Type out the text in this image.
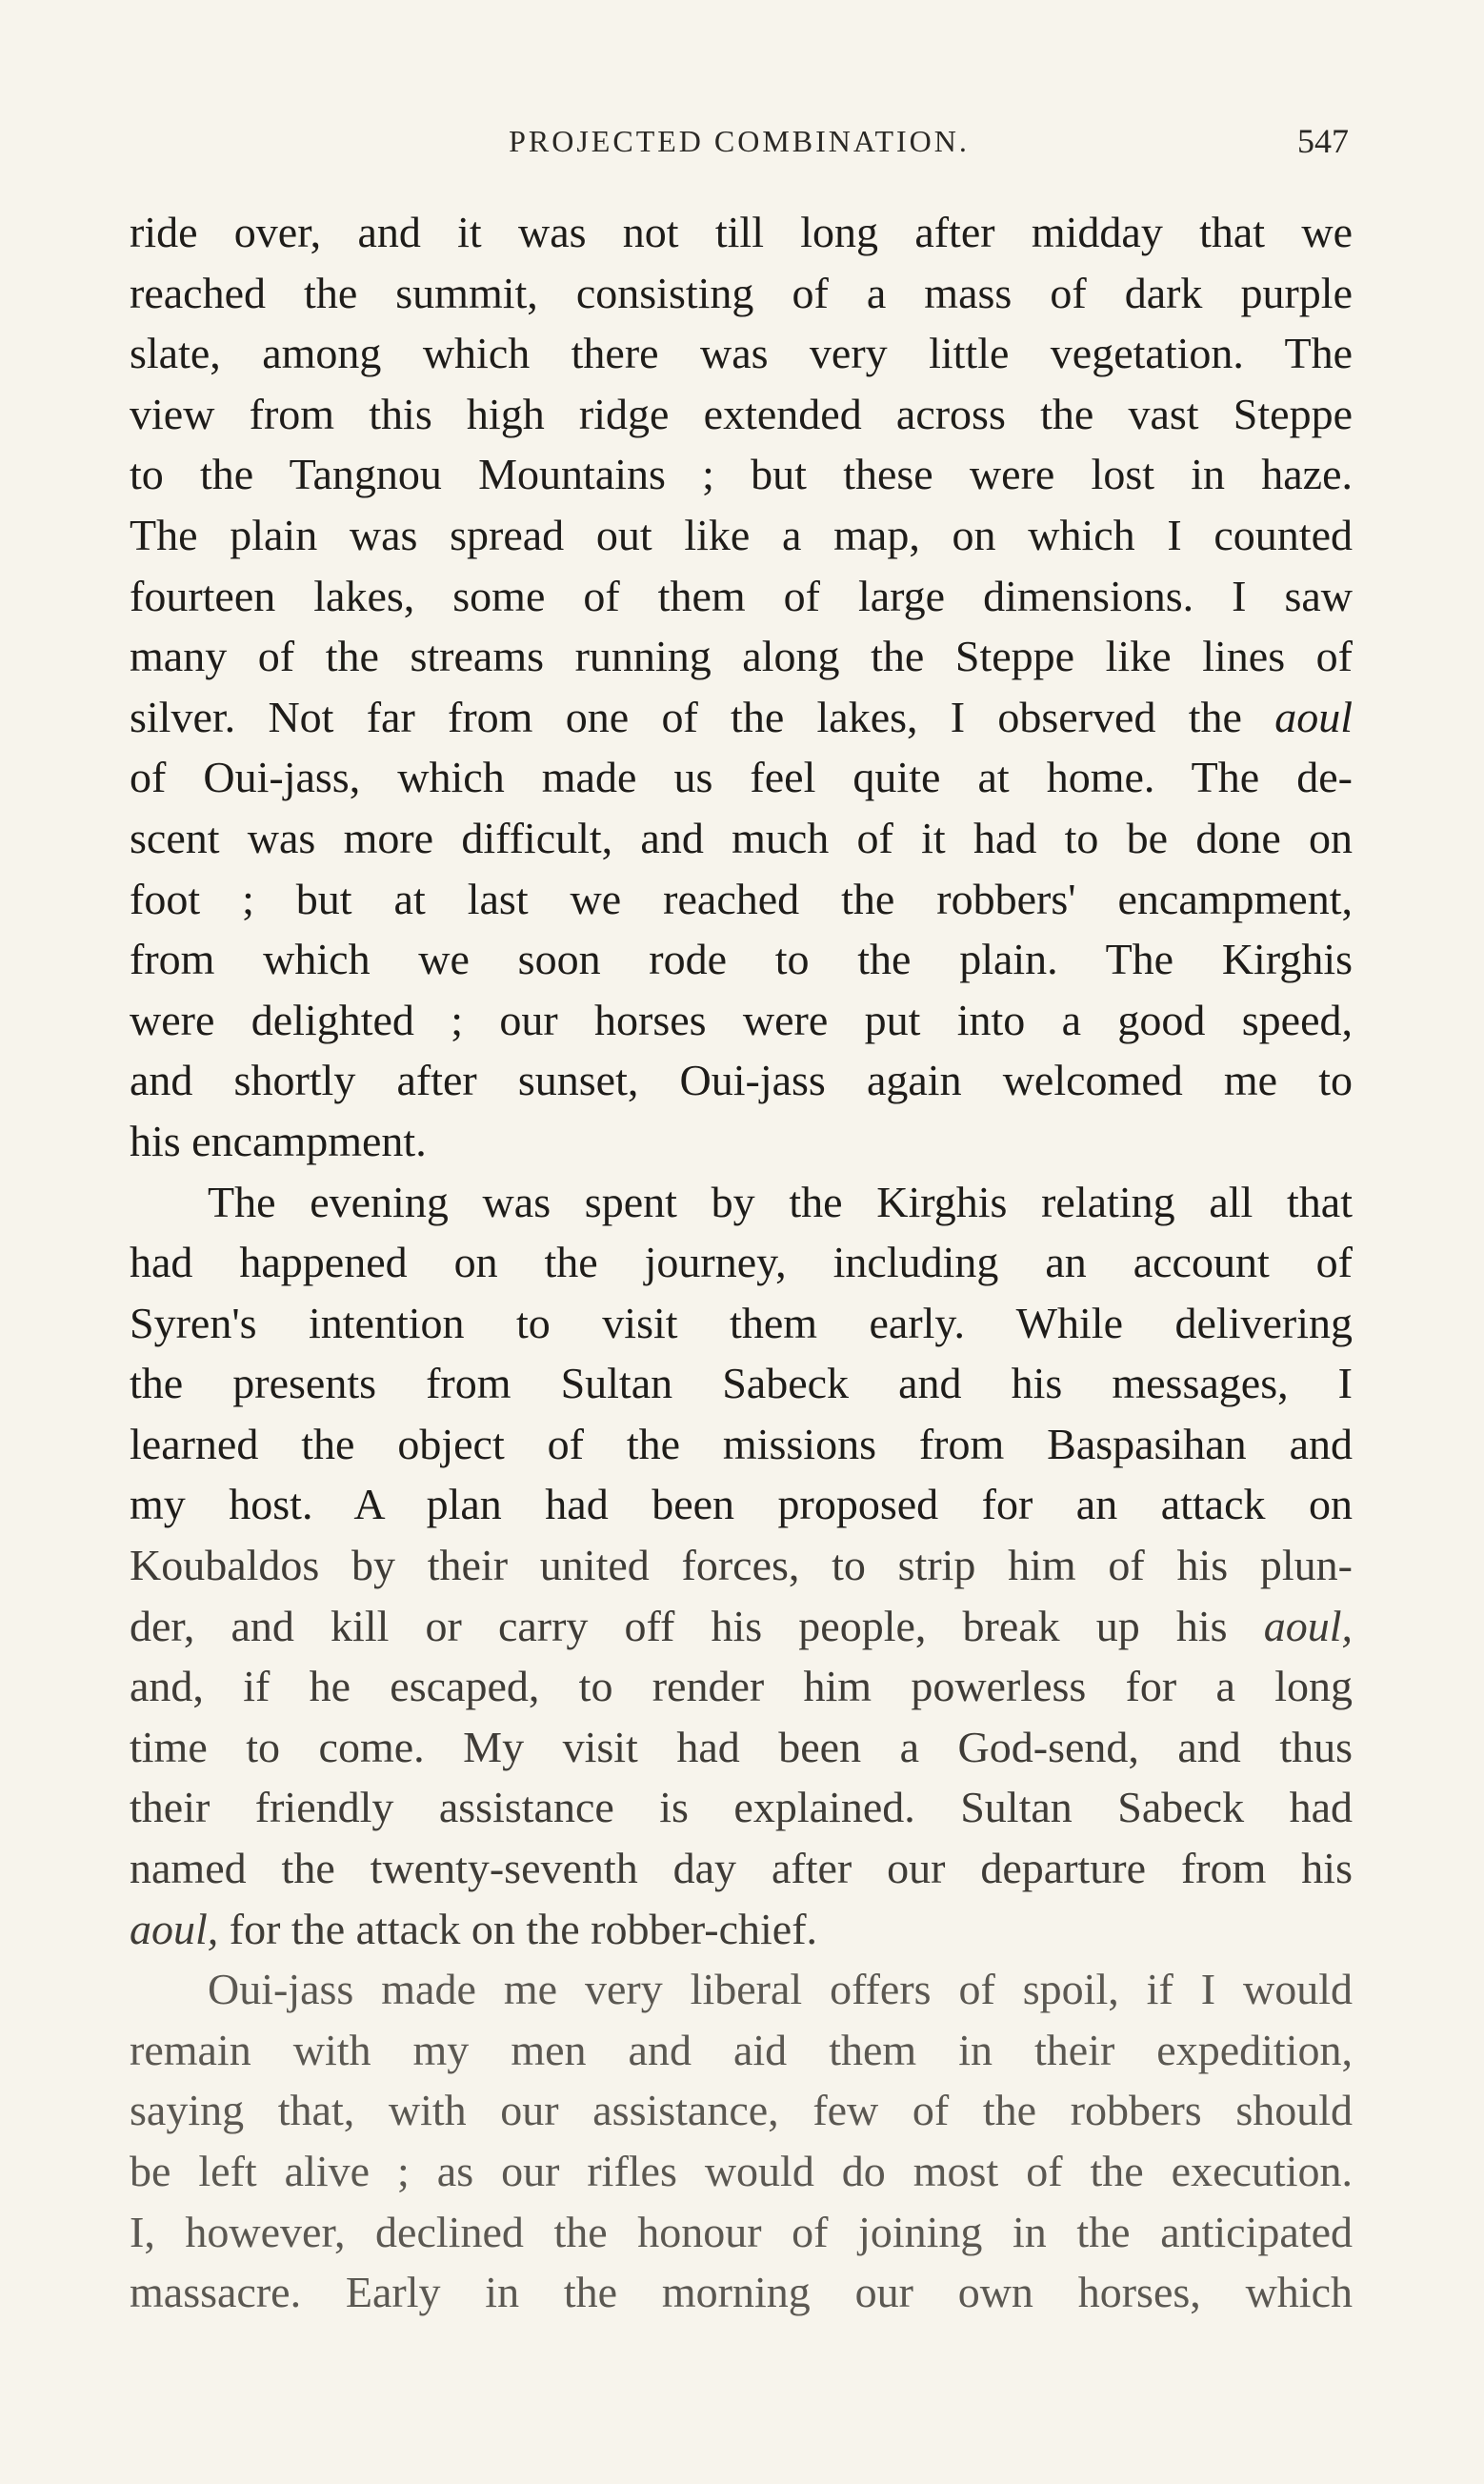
PROJECTED COMBINATION.	547
ride over, and it was not till long after midday that we
reached the summit, consisting of a mass of dark purple
slate, among which there was very little vegetation. The
view from this high ridge extended across the vast Steppe
to the Tangnou Mountains ; but these were lost in haze.
The plain was spread out like a map, on which I counted
fourteen lakes, some of them of large dimensions. I saw
many of the streams running along the Steppe like lines of
silver. Not far from one of the lakes, I observed the aoul
of Oui-jass, which made us feel quite at home. The de-
scent was more difficult, and much of it had to be done on
foot ; but at last we reached the robbers' encampment,
from which we soon rode to the plain. The Kirghis
were delighted ; our horses were put into a good speed,
and shortly after sunset, Oui-jass again welcomed me to
his encampment.
The evening was spent by the Kirghis relating all that
had happened on the journey, including an account of
Syren's intention to visit them early. While delivering
the presents from Sultan Sabeck and his messages, I
learned the object of the missions from Baspasihan and
my host. A plan had been proposed for an attack on
Koubaldos by their united forces, to strip him of his plun-
der, and kill or carry off his people, break up his aoul,
and, if he escaped, to render him powerless for a long
time to come. My visit had been a God-send, and thus
their friendly assistance is explained. Sultan Sabeck had
named the twenty-seventh day after our departure from his
aoul, for the attack on the robber-chief.
Oui-jass made me very liberal offers of spoil, if I would
remain with my men and aid them in their expedition,
saying that, with our assistance, few of the robbers should
be left alive ; as our rifles would do most of the execution.
I, however, declined the honour of joining in the anticipated
massacre. Early in the morning our own horses, which
